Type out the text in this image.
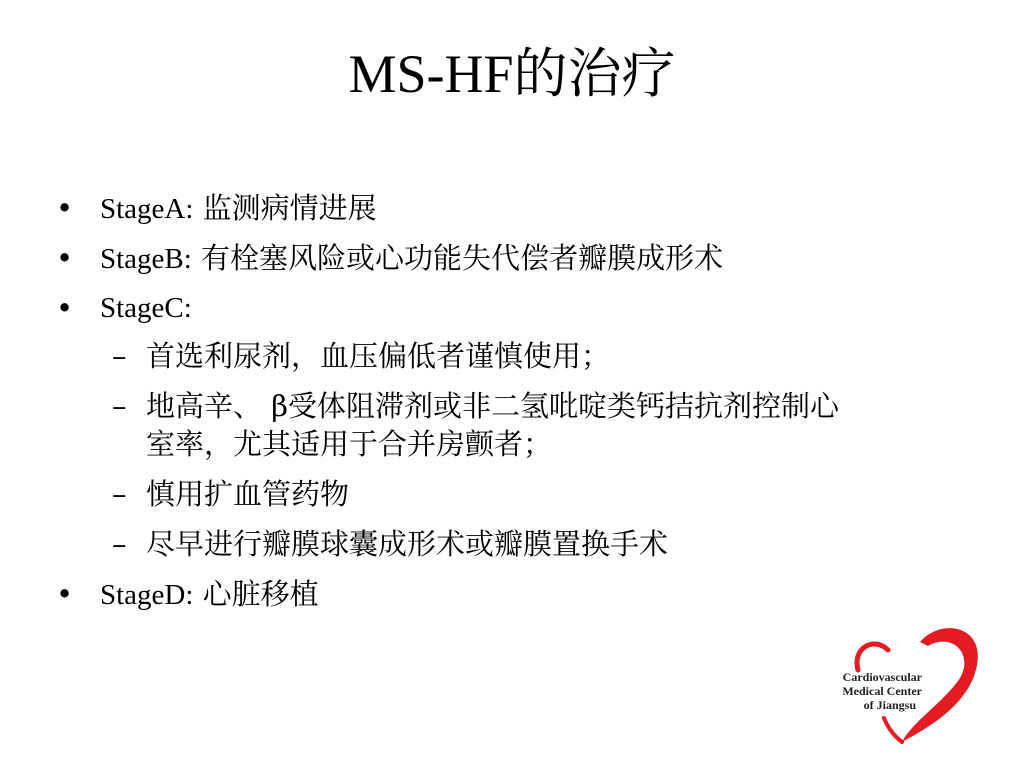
MS-HF的治疗
• StageA: 监测病情进展
• StageB: 有栓塞风险或心功能失代偿者瓣膜成形术
• StageC:
– 首选利尿剂，血压偏低者谨慎使用；
– 地高辛、 β受体阻滞剂或非二氢吡啶类钙拮抗剂控制心
室率，尤其适用于合并房颤者；
– 慎用扩血管药物
– 尽早进行瓣膜球囊成形术或瓣膜置换手术
• StageD: 心脏移植
Cardiovascular
Medical Center
of Jiangsu
